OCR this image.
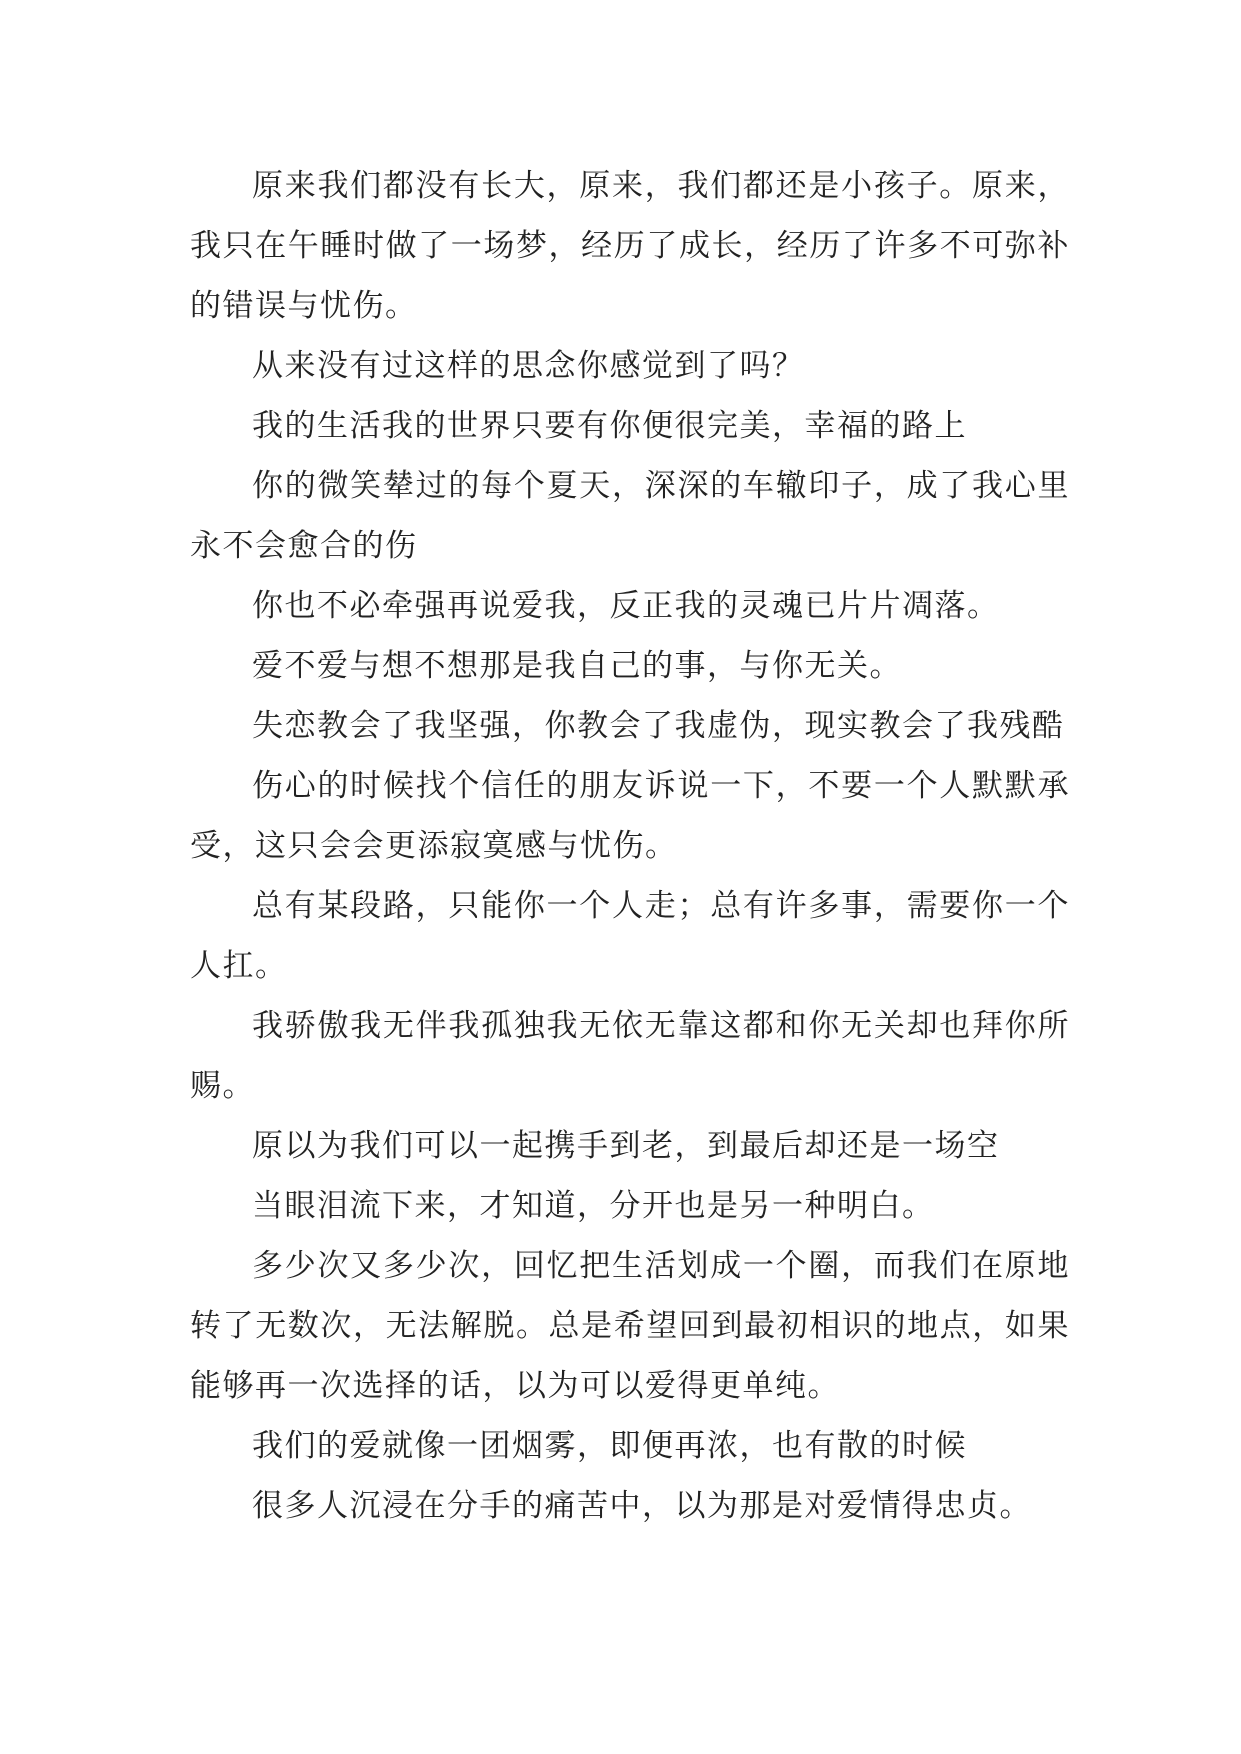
原来我们都没有长大，原来，我们都还是小孩子。原来，我只在午睡时做了一场梦，经历了成长，经历了许多不可弥补的错误与忧伤。

从来没有过这样的思念你感觉到了吗？

我的生活我的世界只要有你便很完美，幸福的路上

你的微笑辇过的每个夏天，深深的车辙印子，成了我心里永不会愈合的伤

你也不必牵强再说爱我，反正我的灵魂已片片凋落。

爱不爱与想不想那是我自己的事，与你无关。

失恋教会了我坚强，你教会了我虚伪，现实教会了我残酷

伤心的时候找个信任的朋友诉说一下，不要一个人默默承受，这只会会更添寂寞感与忧伤。

总有某段路，只能你一个人走；总有许多事，需要你一个人扛。

我骄傲我无伴我孤独我无依无靠这都和你无关却也拜你所赐。

原以为我们可以一起携手到老，到最后却还是一场空

当眼泪流下来，才知道，分开也是另一种明白。

多少次又多少次，回忆把生活划成一个圈，而我们在原地转了无数次，无法解脱。总是希望回到最初相识的地点，如果能够再一次选择的话，以为可以爱得更单纯。

我们的爱就像一团烟雾，即便再浓，也有散的时候

很多人沉浸在分手的痛苦中，以为那是对爱情得忠贞。
